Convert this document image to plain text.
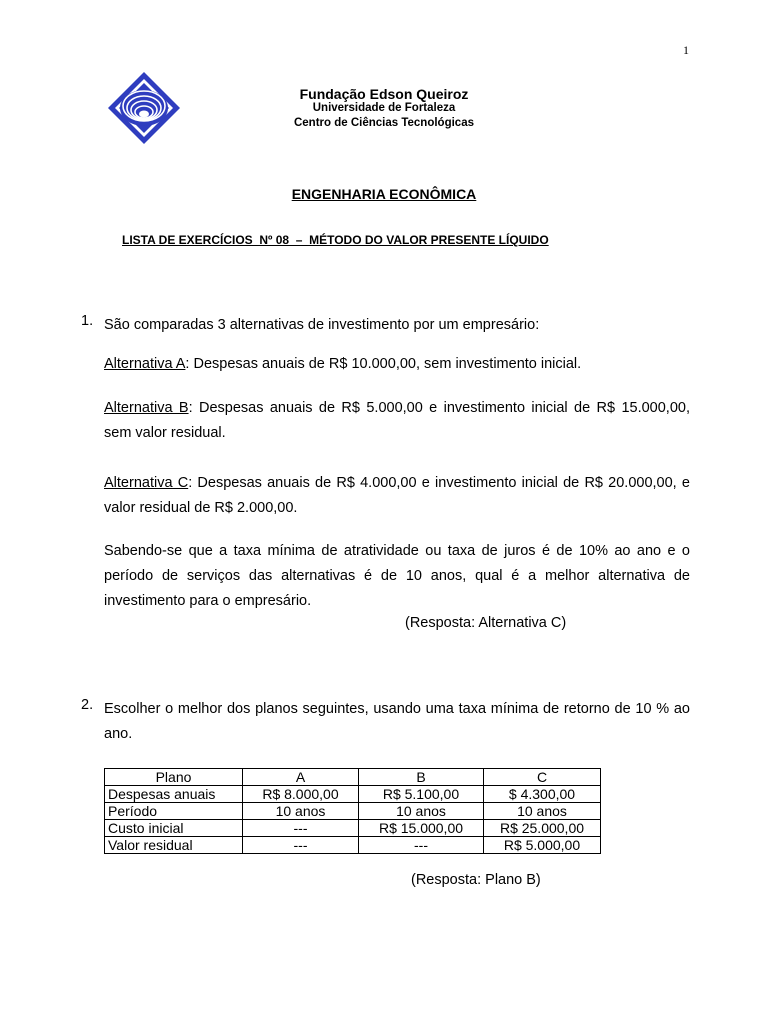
1
Fundação Edson Queiroz
Universidade de Fortaleza
Centro de Ciências Tecnológicas
ENGENHARIA ECONÔMICA
LISTA DE EXERCÍCIOS  Nº 08  –  MÉTODO DO VALOR PRESENTE LÍQUIDO
1. São comparadas 3 alternativas de investimento por um empresário:
Alternativa A: Despesas anuais de R$ 10.000,00, sem investimento inicial.
Alternativa B: Despesas anuais de R$ 5.000,00 e investimento inicial de R$ 15.000,00, sem valor residual.
Alternativa C: Despesas anuais de R$ 4.000,00 e investimento inicial de R$ 20.000,00, e valor residual de R$ 2.000,00.
Sabendo-se que a taxa mínima de atratividade ou taxa de juros é de 10% ao ano e o período de serviços das alternativas é de 10 anos, qual é a melhor alternativa de investimento para o empresário.
(Resposta: Alternativa C)
2. Escolher o melhor dos planos seguintes, usando uma taxa mínima de retorno de 10 % ao ano.
Plano	A	B	C
Despesas anuais	R$ 8.000,00	R$ 5.100,00	$ 4.300,00
Período	10 anos	10 anos	10 anos
Custo inicial	---	R$ 15.000,00	R$ 25.000,00
Valor residual	---	---	R$ 5.000,00
(Resposta: Plano B)
